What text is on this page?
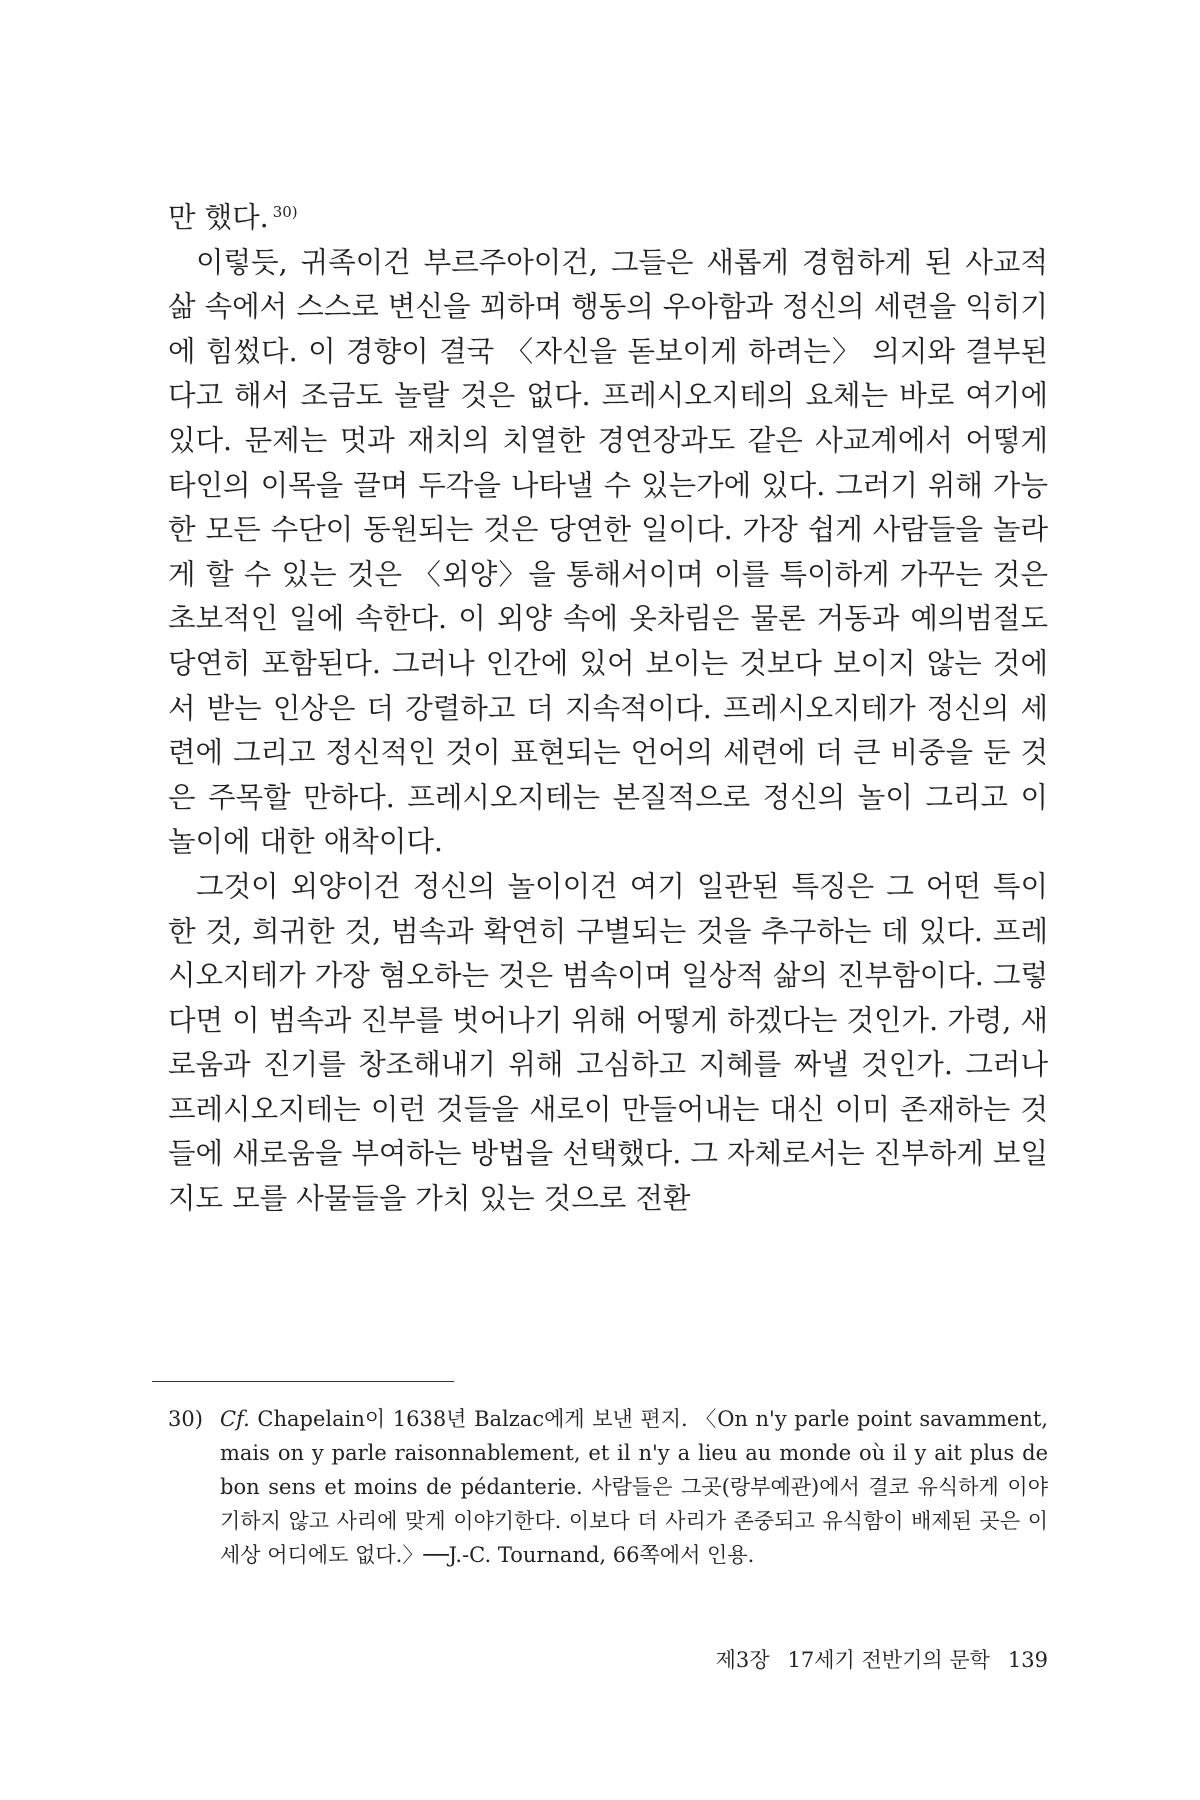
만 했다. $^{30)}$

이렇듯, 귀족이건 부르주아이건, 그들은 새롭게 경험하게 된 사교적 삶 속에서 스스로 변신을 꾀하며 행동의 우아함과 정신의 세련을 익히기에 힘썼다. 이 경향이 결국 〈자신을 돋보이게 하려는〉 의지와 결부된다고 해서 조금도 놀랄 것은 없다. 프레시오지테의 요체는 바로 여기에 있다. 문제는 멋과 재치의 치열한 경연장과도 같은 사교계에서 어떻게 타인의 이목을 끌며 두각을 나타낼 수 있는가에 있다. 그러기 위해 가능한 모든 수단이 동원되는 것은 당연한 일이다. 가장 쉽게 사람들을 놀라게 할 수 있는 것은 〈외양〉을 통해서이며 이를 특이하게 가꾸는 것은 초보적인 일에 속한다. 이 외양 속에 옷차림은 물론 거동과 예의범절도 당연히 포함된다. 그러나 인간에 있어 보이는 것보다 보이지 않는 것에서 받는 인상은 더 강렬하고 더 지속적이다. 프레시오지테가 정신의 세련에 그리고 정신적인 것이 표현되는 언어의 세련에 더 큰 비중을 둔 것은 주목할 만하다. 프레시오지테는 본질적으로 정신의 놀이 그리고 이 놀이에 대한 애착이다.

그것이 외양이건 정신의 놀이이건 여기 일관된 특징은 그 어떤 특이한 것, 희귀한 것, 범속과 확연히 구별되는 것을 추구하는 데 있다. 프레시오지테가 가장 혐오하는 것은 범속이며 일상적 삶의 진부함이다. 그렇다면 이 범속과 진부를 벗어나기 위해 어떻게 하겠다는 것인가. 가령, 새로움과 진기를 창조해내기 위해 고심하고 지혜를 짜낼 것인가. 그러나 프레시오지테는 이런 것들을 새로이 만들어내는 대신 이미 존재하는 것들에 새로움을 부여하는 방법을 선택했다. 그 자체로서는 진부하게 보일지도 모를 사물들을 가치 있는 것으로 전환

30) Cf. Chapelain이 1638년 Balzac에게 보낸 편지. 〈On n'y parle point savamment, mais on y parle raisonnablement, et il n'y a lieu au monde où il y ait plus de bon sens et moins de pédanterie. 사람들은 그곳(랑부예관)에서 결코 유식하게 이야기하지 않고 사리에 맞게 이야기한다. 이보다 더 사리가 존중되고 유식함이 배제된 곳은 이 세상 어디에도 없다.〉──J.-C. Tournand, 66쪽에서 인용.
제3장 17세기 전반기의 문학 139
